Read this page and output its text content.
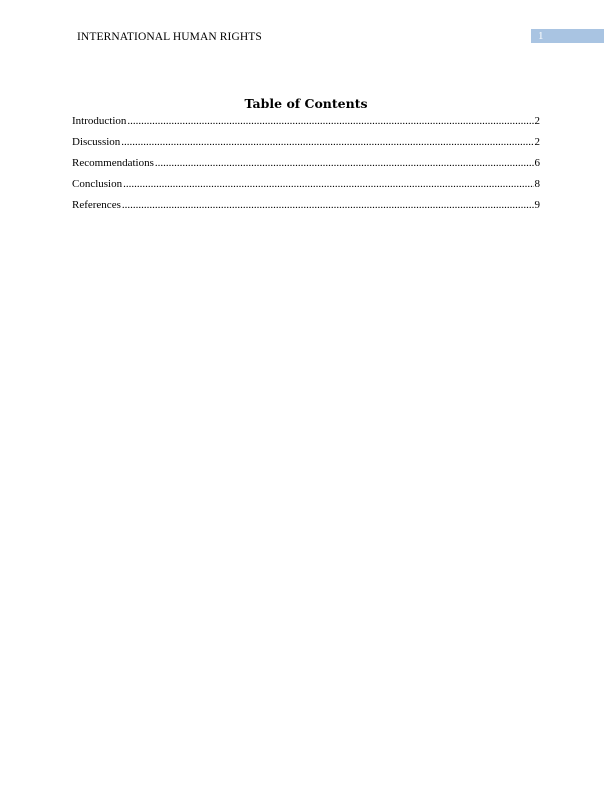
INTERNATIONAL HUMAN RIGHTS	1
Table of Contents
Introduction .....	2
Discussion .....	2
Recommendations .....	6
Conclusion .....	8
References .....	9
